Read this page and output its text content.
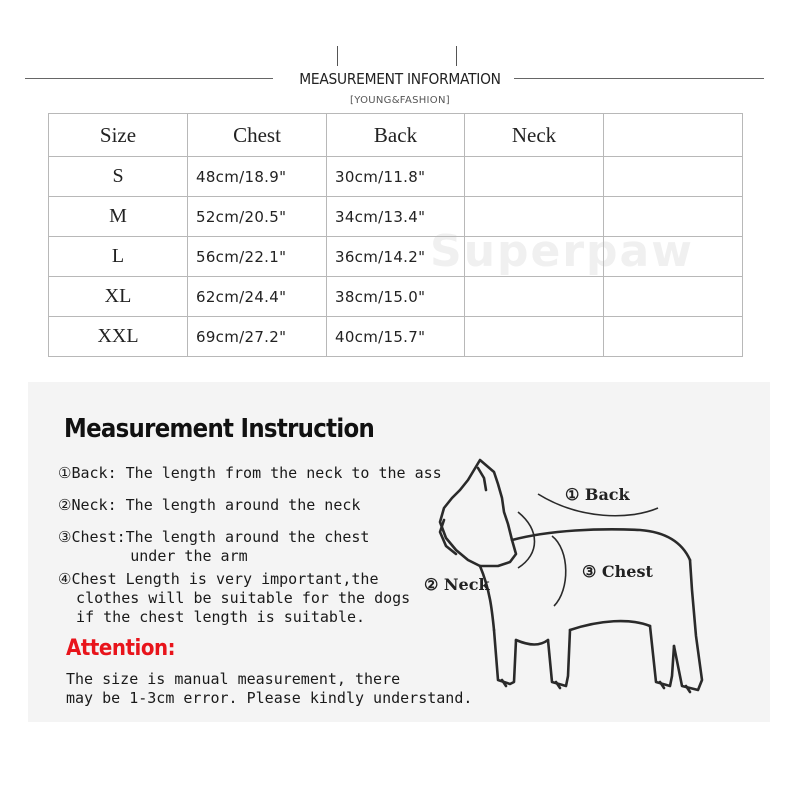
MEASUREMENT INFORMATION
[YOUNG&FASHION]
Superpaw
Size	Chest	Back	Neck	
S	48cm/18.9"	30cm/11.8"		
M	52cm/20.5"	34cm/13.4"		
L	56cm/22.1"	36cm/14.2"		
XL	62cm/24.4"	38cm/15.0"		
XXL	69cm/27.2"	40cm/15.7"		
Measurement Instruction
①Back: The length from the neck to the ass
②Neck: The length around the neck
③Chest:The length around the chest
under the arm
④Chest Length is very important,the
clothes will be suitable for the dogs
if the chest length is suitable.
Attention:
The size is manual measurement, there
may be 1-3cm error. Please kindly understand.
① Back
③ Chest
② Neck
